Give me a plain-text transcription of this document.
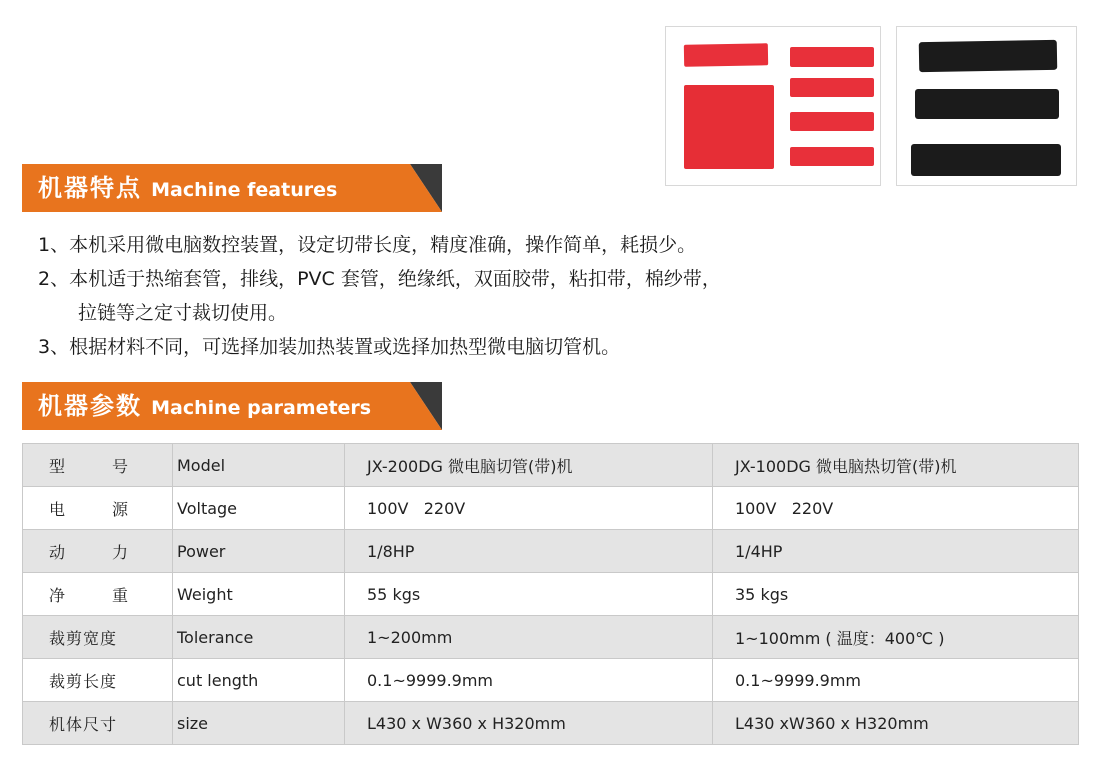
机器特点 Machine features
1、本机采用微电脑数控装置，设定切带长度，精度准确，操作简单，耗损少。
2、本机适于热缩套管，排线，PVC 套管，绝缘纸，双面胶带，粘扣带，棉纱带，
拉链等之定寸裁切使用。
3、根据材料不同，可选择加装加热装置或选择加热型微电脑切管机。
机器参数 Machine parameters
型 号	Model	JX-200DG 微电脑切管(带)机	JX-100DG 微电脑热切管(带)机
电 源	Voltage	100V   220V	100V   220V
动 力	Power	1/8HP	1/4HP
净 重	Weight	55 kgs	35 kgs
裁剪宽度	Tolerance	1~200mm	1~100mm ( 温度：400℃ )
裁剪长度	cut length	0.1~9999.9mm	0.1~9999.9mm
机体尺寸	size	L430 x W360 x H320mm	L430 xW360 x H320mm
